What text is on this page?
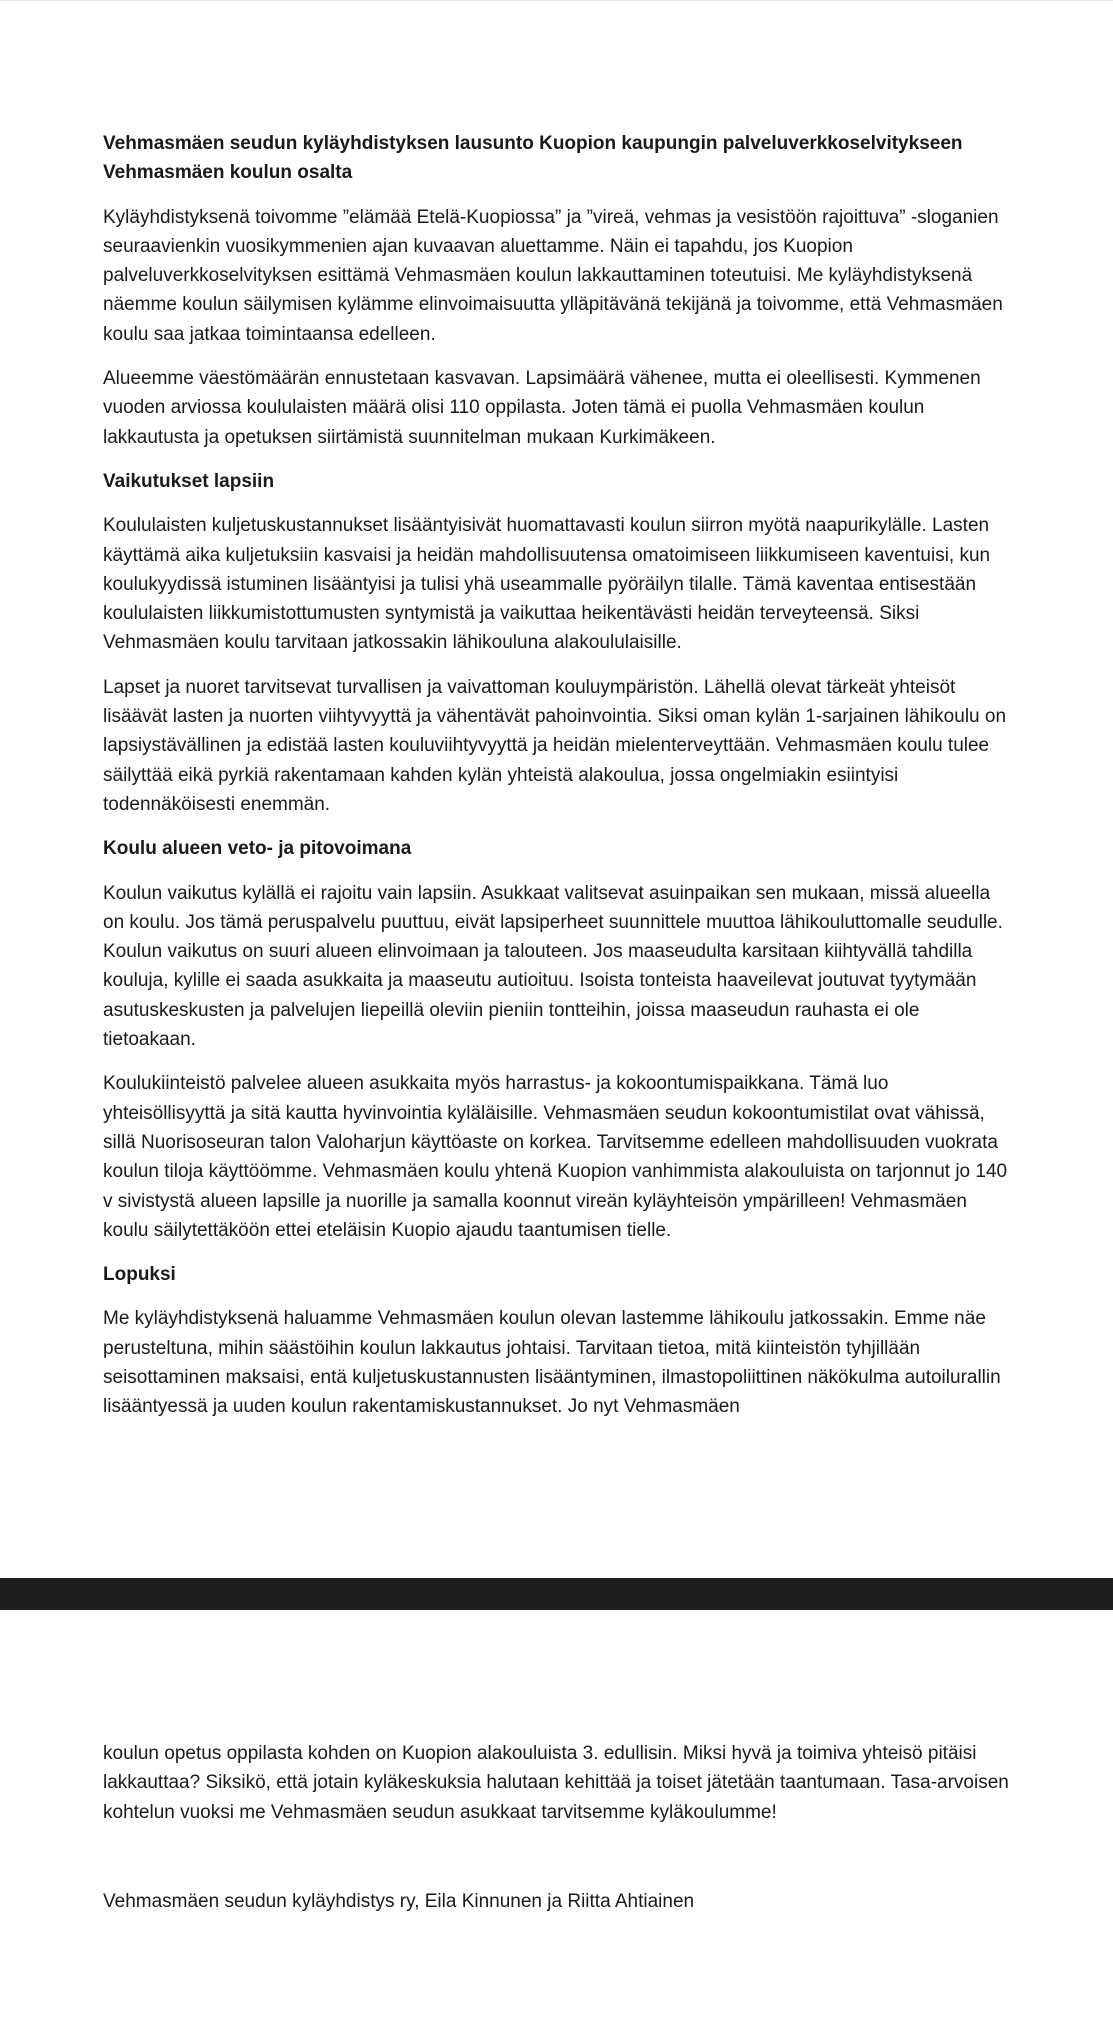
Vehmasmäen seudun kyläyhdistyksen lausunto Kuopion kaupungin palveluverkkoselvitykseen Vehmasmäen koulun osalta

Kyläyhdistyksenä toivomme ”elämää Etelä-Kuopiossa” ja ”vireä, vehmas ja vesistöön rajoittuva” -sloganien seuraavienkin vuosikymmenien ajan kuvaavan aluettamme. Näin ei tapahdu, jos Kuopion palveluverkkoselvityksen esittämä Vehmasmäen koulun lakkauttaminen toteutuisi. Me kyläyhdistyksenä näemme koulun säilymisen kylämme elinvoimaisuutta ylläpitävänä tekijänä ja toivomme, että Vehmasmäen koulu saa jatkaa toimintaansa edelleen.

Alueemme väestömäärän ennustetaan kasvavan. Lapsimäärä vähenee, mutta ei oleellisesti. Kymmenen vuoden arviossa koululaisten määrä olisi 110 oppilasta. Joten tämä ei puolla Vehmasmäen koulun lakkautusta ja opetuksen siirtämistä suunnitelman mukaan Kurkimäkeen.

Vaikutukset lapsiin

Koululaisten kuljetuskustannukset lisääntyisivät huomattavasti koulun siirron myötä naapurikylälle. Lasten käyttämä aika kuljetuksiin kasvaisi ja heidän mahdollisuutensa omatoimiseen liikkumiseen kaventuisi, kun koulukyydissä istuminen lisääntyisi ja tulisi yhä useammalle pyöräilyn tilalle. Tämä kaventaa entisestään koululaisten liikkumistottumusten syntymistä ja vaikuttaa heikentävästi heidän terveyteensä. Siksi Vehmasmäen koulu tarvitaan jatkossakin lähikouluna alakoululaisille.

Lapset ja nuoret tarvitsevat turvallisen ja vaivattoman kouluympäristön. Lähellä olevat tärkeät yhteisöt lisäävät lasten ja nuorten viihtyvyyttä ja vähentävät pahoinvointia. Siksi oman kylän 1-sarjainen lähikoulu on lapsiystävällinen ja edistää lasten kouluviihtyvyyttä ja heidän mielenterveyttään. Vehmasmäen koulu tulee säilyttää eikä pyrkiä rakentamaan kahden kylän yhteistä alakoulua, jossa ongelmiakin esiintyisi todennäköisesti enemmän.

Koulu alueen veto- ja pitovoimana

Koulun vaikutus kylällä ei rajoitu vain lapsiin. Asukkaat valitsevat asuinpaikan sen mukaan, missä alueella on koulu. Jos tämä peruspalvelu puuttuu, eivät lapsiperheet suunnittele muuttoa lähikouluttomalle seudulle. Koulun vaikutus on suuri alueen elinvoimaan ja talouteen. Jos maaseudulta karsitaan kiihtyvällä tahdilla kouluja, kylille ei saada asukkaita ja maaseutu autioituu. Isoista tonteista haaveilevat joutuvat tyytymään asutuskeskusten ja palvelujen liepeillä oleviin pieniin tontteihin, joissa maaseudun rauhasta ei ole tietoakaan.

Koulukiinteistö palvelee alueen asukkaita myös harrastus- ja kokoontumispaikkana. Tämä luo yhteisöllisyyttä ja sitä kautta hyvinvointia kyläläisille. Vehmasmäen seudun kokoontumistilat ovat vähissä, sillä Nuorisoseuran talon Valoharjun käyttöaste on korkea. Tarvitsemme edelleen mahdollisuuden vuokrata koulun tiloja käyttöömme. Vehmasmäen koulu yhtenä Kuopion vanhimmista alakouluista on tarjonnut jo 140 v sivistystä alueen lapsille ja nuorille ja samalla koonnut vireän kyläyhteisön ympärilleen! Vehmasmäen koulu säilytettäköön ettei eteläisin Kuopio ajaudu taantumisen tielle.

Lopuksi

Me kyläyhdistyksenä haluamme Vehmasmäen koulun olevan lastemme lähikoulu jatkossakin. Emme näe perusteltuna, mihin säästöihin koulun lakkautus johtaisi. Tarvitaan tietoa, mitä kiinteistön tyhjillään seisottaminen maksaisi, entä kuljetuskustannusten lisääntyminen, ilmastopoliittinen näkökulma autoilurallin lisääntyessä ja uuden koulun rakentamiskustannukset. Jo nyt Vehmasmäen

koulun opetus oppilasta kohden on Kuopion alakouluista 3. edullisin. Miksi hyvä ja toimiva yhteisö pitäisi lakkauttaa? Siksikö, että jotain kyläkeskuksia halutaan kehittää ja toiset jätetään taantumaan. Tasa-arvoisen kohtelun vuoksi me Vehmasmäen seudun asukkaat tarvitsemme kyläkoulumme!

Vehmasmäen seudun kyläyhdistys ry, Eila Kinnunen ja Riitta Ahtiainen
